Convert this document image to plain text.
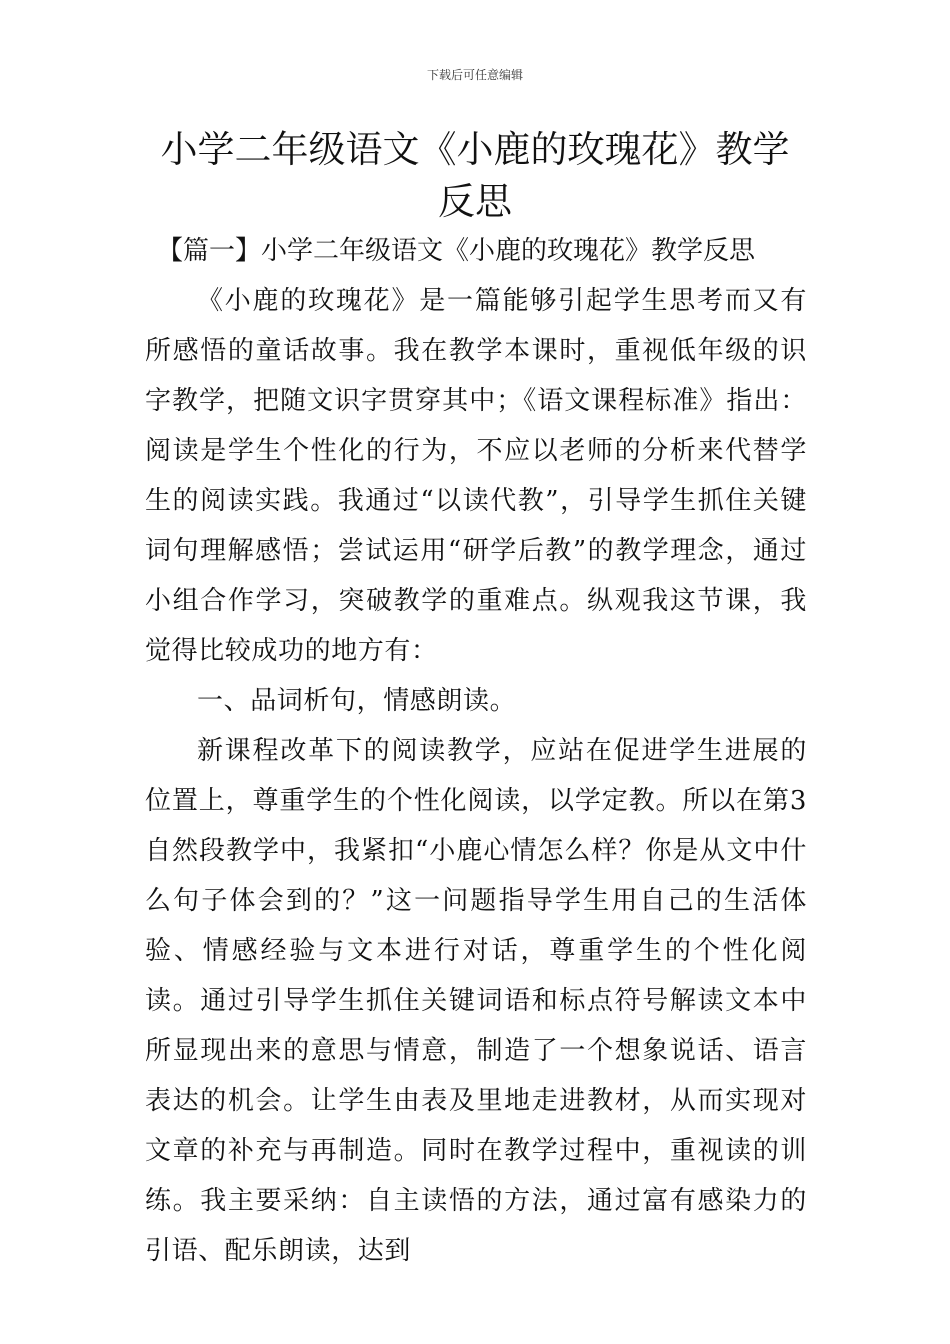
下载后可任意编辑
小学二年级语文《小鹿的玫瑰花》教学反思

【篇一】小学二年级语文《小鹿的玫瑰花》教学反思

《小鹿的玫瑰花》是一篇能够引起学生思考而又有所感悟的童话故事。我在教学本课时，重视低年级的识字教学，把随文识字贯穿其中；《语文课程标准》指出：阅读是学生个性化的行为，不应以老师的分析来代替学生的阅读实践。我通过“以读代教”，引导学生抓住关键词句理解感悟；尝试运用“研学后教”的教学理念，通过小组合作学习，突破教学的重难点。纵观我这节课，我觉得比较成功的地方有：

一、品词析句，情感朗读。

新课程改革下的阅读教学，应站在促进学生进展的位置上，尊重学生的个性化阅读，以学定教。所以在第3自然段教学中，我紧扣“小鹿心情怎么样？你是从文中什么句子体会到的？”这一问题指导学生用自己的生活体验、情感经验与文本进行对话，尊重学生的个性化阅读。通过引导学生抓住关键词语和标点符号解读文本中所显现出来的意思与情意，制造了一个想象说话、语言表达的机会。让学生由表及里地走进教材，从而实现对文章的补充与再制造。同时在教学过程中，重视读的训练。我主要采纳：自主读悟的方法，通过富有感染力的引语、配乐朗读，达到
